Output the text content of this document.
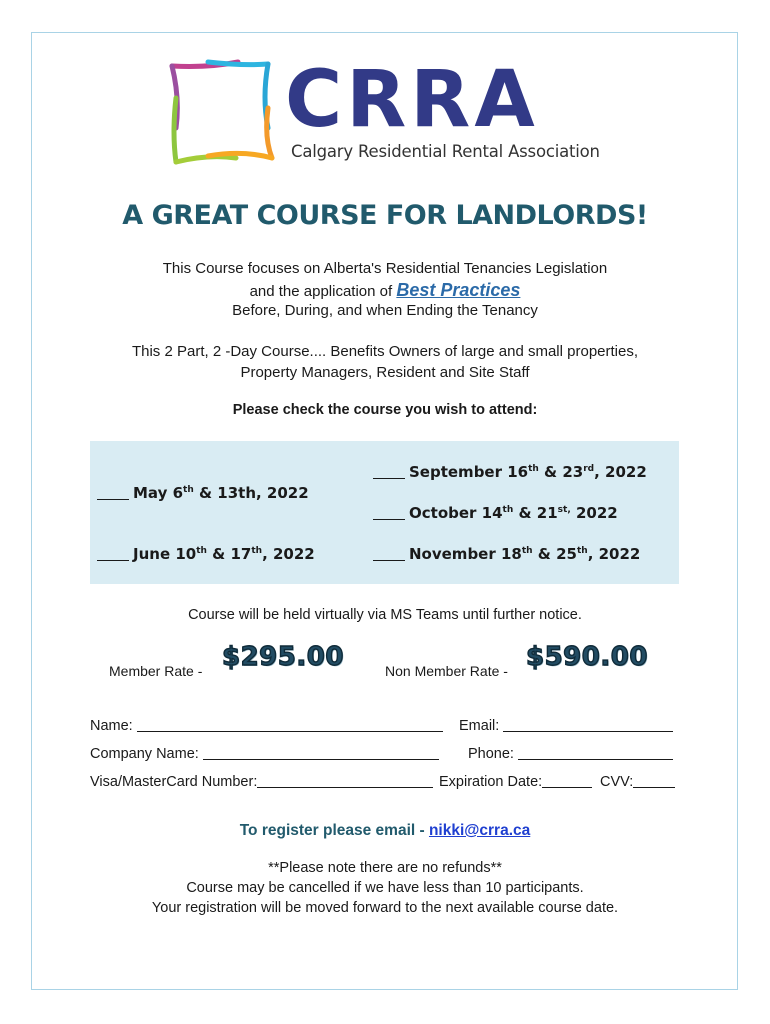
CRRA
Calgary Residential Rental Association
A GREAT COURSE FOR LANDLORDS!
This Course focuses on Alberta's Residential Tenancies Legislation
and the application of Best Practices
Before, During, and when Ending the Tenancy
This 2 Part, 2 -Day Course.... Benefits Owners of large and small properties,
Property Managers, Resident and Site Staff
Please check the course you wish to attend:
May 6th & 13th, 2022
June 10th & 17th, 2022
September 16th & 23rd, 2022
October 14th & $21^{st,}$ 2022
November 18th & 25th, 2022
Course will be held virtually via MS Teams until further notice.
Member Rate - $295.00	Non Member Rate - $590.00
Name:	Email:
Company Name:	Phone:
Visa/MasterCard Number:	Expiration Date:	CVV:
To register please email - nikki@crra.ca
**Please note there are no refunds**
Course may be cancelled if we have less than 10 participants.
Your registration will be moved forward to the next available course date.
